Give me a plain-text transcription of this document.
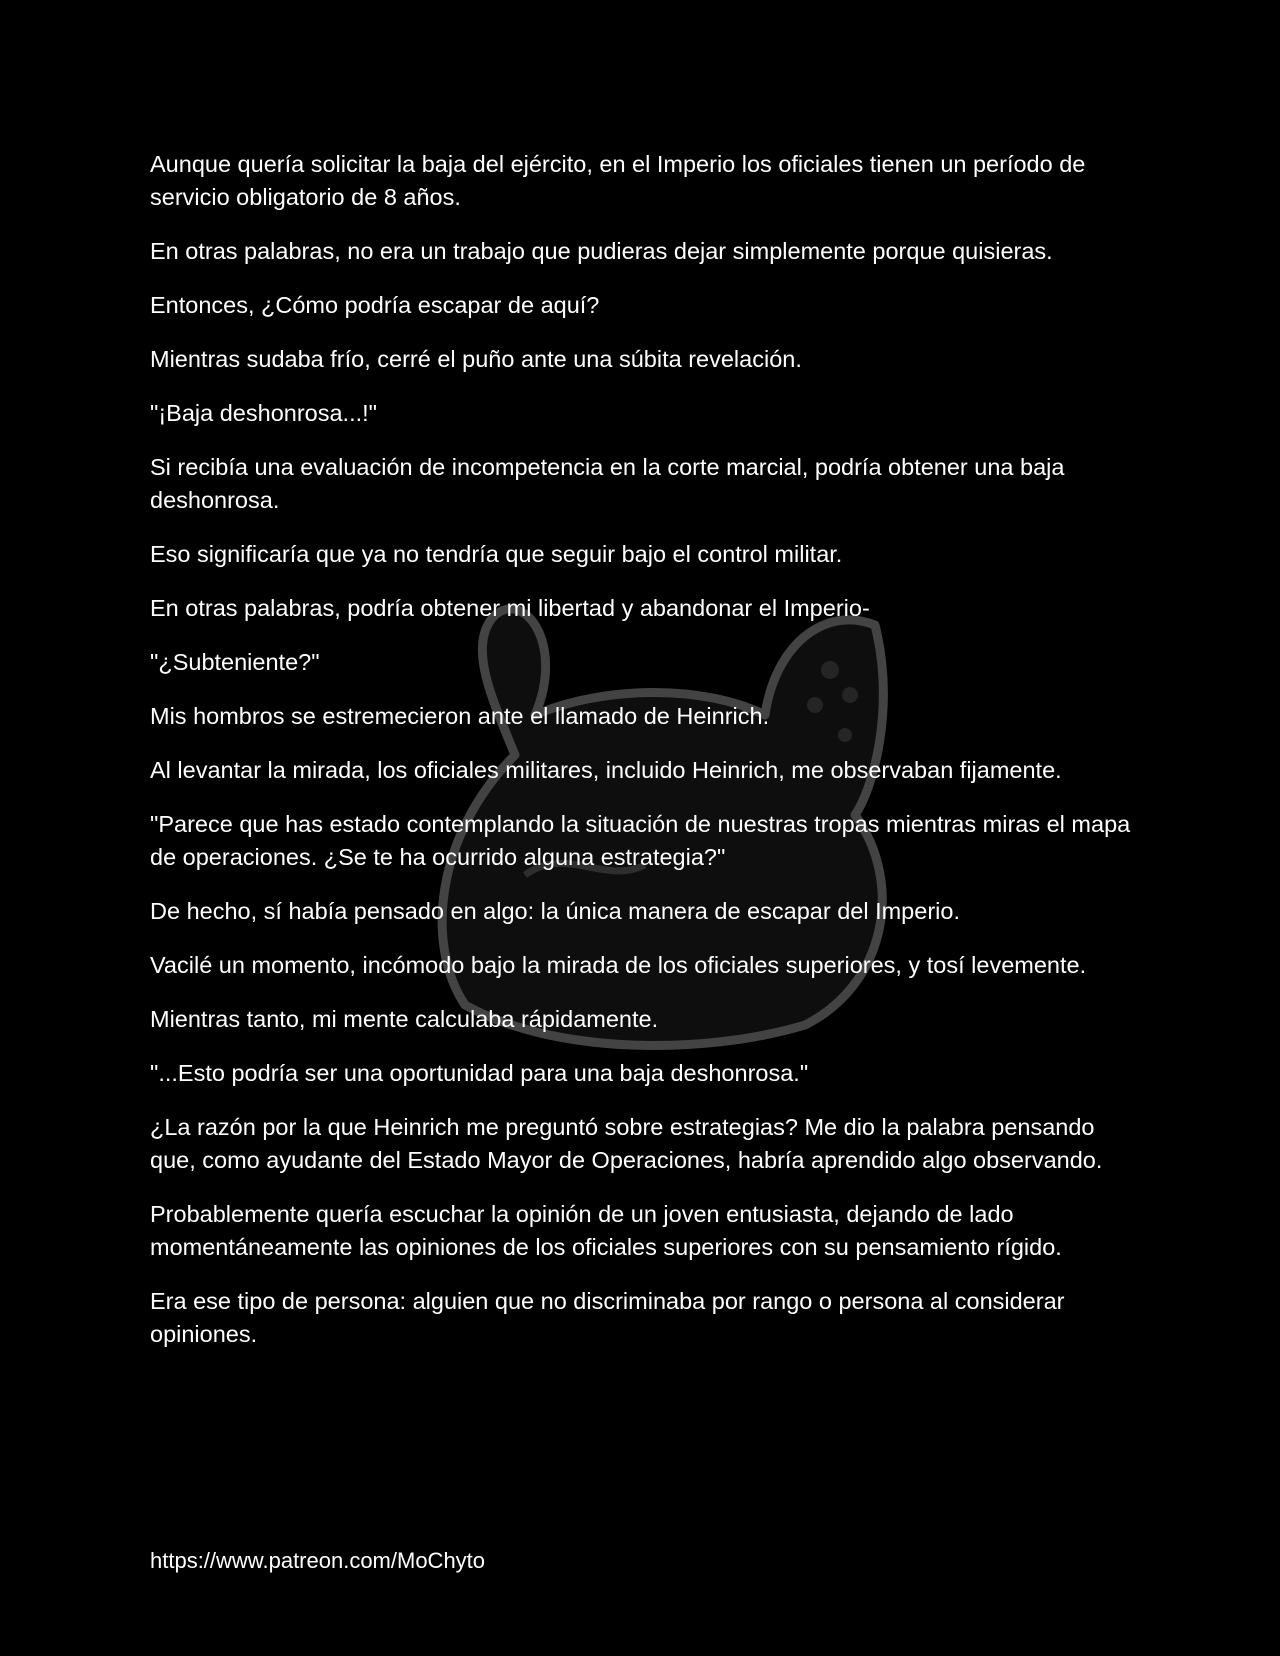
Aunque quería solicitar la baja del ejército, en el Imperio los oficiales tienen un período de servicio obligatorio de 8 años.

En otras palabras, no era un trabajo que pudieras dejar simplemente porque quisieras.

Entonces, ¿Cómo podría escapar de aquí?

Mientras sudaba frío, cerré el puño ante una súbita revelación.

"¡Baja deshonrosa...!"

Si recibía una evaluación de incompetencia en la corte marcial, podría obtener una baja deshonrosa.

Eso significaría que ya no tendría que seguir bajo el control militar.

En otras palabras, podría obtener mi libertad y abandonar el Imperio-

"¿Subteniente?"

Mis hombros se estremecieron ante el llamado de Heinrich.

Al levantar la mirada, los oficiales militares, incluido Heinrich, me observaban fijamente.

"Parece que has estado contemplando la situación de nuestras tropas mientras miras el mapa de operaciones. ¿Se te ha ocurrido alguna estrategia?"

De hecho, sí había pensado en algo: la única manera de escapar del Imperio.

Vacilé un momento, incómodo bajo la mirada de los oficiales superiores, y tosí levemente.

Mientras tanto, mi mente calculaba rápidamente.

"...Esto podría ser una oportunidad para una baja deshonrosa."

¿La razón por la que Heinrich me preguntó sobre estrategias? Me dio la palabra pensando que, como ayudante del Estado Mayor de Operaciones, habría aprendido algo observando.

Probablemente quería escuchar la opinión de un joven entusiasta, dejando de lado momentáneamente las opiniones de los oficiales superiores con su pensamiento rígido.

Era ese tipo de persona: alguien que no discriminaba por rango o persona al considerar opiniones.

https://www.patreon.com/MoChyto
